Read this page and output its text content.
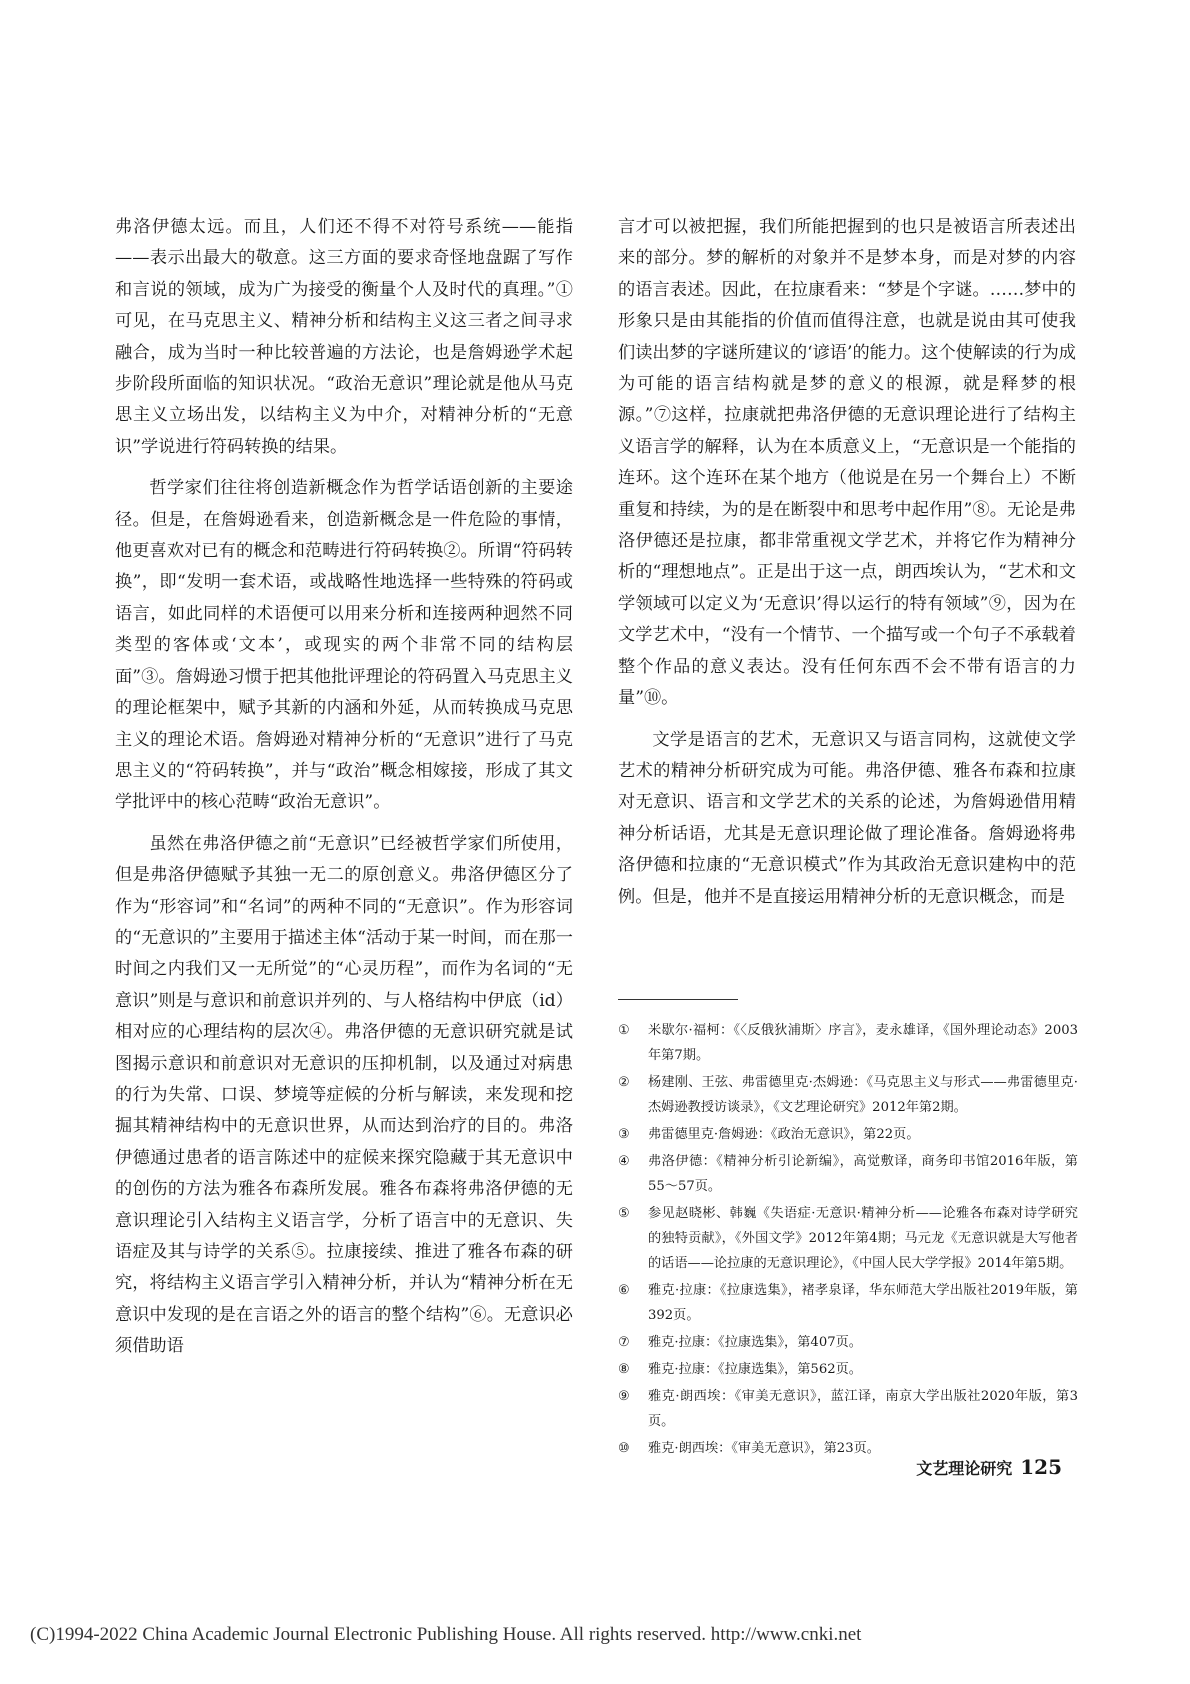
弗洛伊德太远。而且，人们还不得不对符号系统——能指——表示出最大的敬意。这三方面的要求奇怪地盘踞了写作和言说的领域，成为广为接受的衡量个人及时代的真理。”①可见，在马克思主义、精神分析和结构主义这三者之间寻求融合，成为当时一种比较普遍的方法论，也是詹姆逊学术起步阶段所面临的知识状况。“政治无意识”理论就是他从马克思主义立场出发，以结构主义为中介，对精神分析的“无意识”学说进行符码转换的结果。

哲学家们往往将创造新概念作为哲学话语创新的主要途径。但是，在詹姆逊看来，创造新概念是一件危险的事情，他更喜欢对已有的概念和范畴进行符码转换②。所谓“符码转换”，即“发明一套术语，或战略性地选择一些特殊的符码或语言，如此同样的术语便可以用来分析和连接两种迥然不同类型的客体或‘文本’，或现实的两个非常不同的结构层面”③。詹姆逊习惯于把其他批评理论的符码置入马克思主义的理论框架中，赋予其新的内涵和外延，从而转换成马克思主义的理论术语。詹姆逊对精神分析的“无意识”进行了马克思主义的“符码转换”，并与“政治”概念相嫁接，形成了其文学批评中的核心范畴“政治无意识”。

虽然在弗洛伊德之前“无意识”已经被哲学家们所使用，但是弗洛伊德赋予其独一无二的原创意义。弗洛伊德区分了作为“形容词”和“名词”的两种不同的“无意识”。作为形容词的“无意识的”主要用于描述主体“活动于某一时间，而在那一时间之内我们又一无所觉”的“心灵历程”，而作为名词的“无意识”则是与意识和前意识并列的、与人格结构中伊底（id）相对应的心理结构的层次④。弗洛伊德的无意识研究就是试图揭示意识和前意识对无意识的压抑机制，以及通过对病患的行为失常、口误、梦境等症候的分析与解读，来发现和挖掘其精神结构中的无意识世界，从而达到治疗的目的。弗洛伊德通过患者的语言陈述中的症候来探究隐藏于其无意识中的创伤的方法为雅各布森所发展。雅各布森将弗洛伊德的无意识理论引入结构主义语言学，分析了语言中的无意识、失语症及其与诗学的关系⑤。拉康接续、推进了雅各布森的研究，将结构主义语言学引入精神分析，并认为“精神分析在无意识中发现的是在言语之外的语言的整个结构”⑥。无意识必须借助语

言才可以被把握，我们所能把握到的也只是被语言所表述出来的部分。梦的解析的对象并不是梦本身，而是对梦的内容的语言表述。因此，在拉康看来：“梦是个字谜。……梦中的形象只是由其能指的价值而值得注意，也就是说由其可使我们读出梦的字谜所建议的‘谚语’的能力。这个使解读的行为成为可能的语言结构就是梦的意义的根源，就是释梦的根源。”⑦这样，拉康就把弗洛伊德的无意识理论进行了结构主义语言学的解释，认为在本质意义上，“无意识是一个能指的连环。这个连环在某个地方（他说是在另一个舞台上）不断重复和持续，为的是在断裂中和思考中起作用”⑧。无论是弗洛伊德还是拉康，都非常重视文学艺术，并将它作为精神分析的“理想地点”。正是出于这一点，朗西埃认为，“艺术和文学领域可以定义为‘无意识’得以运行的特有领域”⑨，因为在文学艺术中，“没有一个情节、一个描写或一个句子不承载着整个作品的意义表达。没有任何东西不会不带有语言的力量”⑩。

文学是语言的艺术，无意识又与语言同构，这就使文学艺术的精神分析研究成为可能。弗洛伊德、雅各布森和拉康对无意识、语言和文学艺术的关系的论述，为詹姆逊借用精神分析话语，尤其是无意识理论做了理论准备。詹姆逊将弗洛伊德和拉康的“无意识模式”作为其政治无意识建构中的范例。但是，他并不是直接运用精神分析的无意识概念，而是

① 米歇尔·福柯：《〈反俄狄浦斯〉序言》，麦永雄译，《国外理论动态》2003年第7期。
② 杨建刚、王弦、弗雷德里克·杰姆逊：《马克思主义与形式——弗雷德里克·杰姆逊教授访谈录》，《文艺理论研究》2012年第2期。
③ 弗雷德里克·詹姆逊：《政治无意识》，第22页。
④ 弗洛伊德：《精神分析引论新编》，高觉敷译，商务印书馆2016年版，第55～57页。
⑤ 参见赵晓彬、韩巍《失语症·无意识·精神分析——论雅各布森对诗学研究的独特贡献》，《外国文学》2012年第4期；马元龙《无意识就是大写他者的话语——论拉康的无意识理论》，《中国人民大学学报》2014年第5期。
⑥ 雅克·拉康：《拉康选集》，褚孝泉译，华东师范大学出版社2019年版，第392页。
⑦ 雅克·拉康：《拉康选集》，第407页。
⑧ 雅克·拉康：《拉康选集》，第562页。
⑨ 雅克·朗西埃：《审美无意识》，蓝江译，南京大学出版社2020年版，第3页。
⑩ 雅克·朗西埃：《审美无意识》，第23页。
文艺理论研究 125
(C)1994-2022 China Academic Journal Electronic Publishing House. All rights reserved. http://www.cnki.net
